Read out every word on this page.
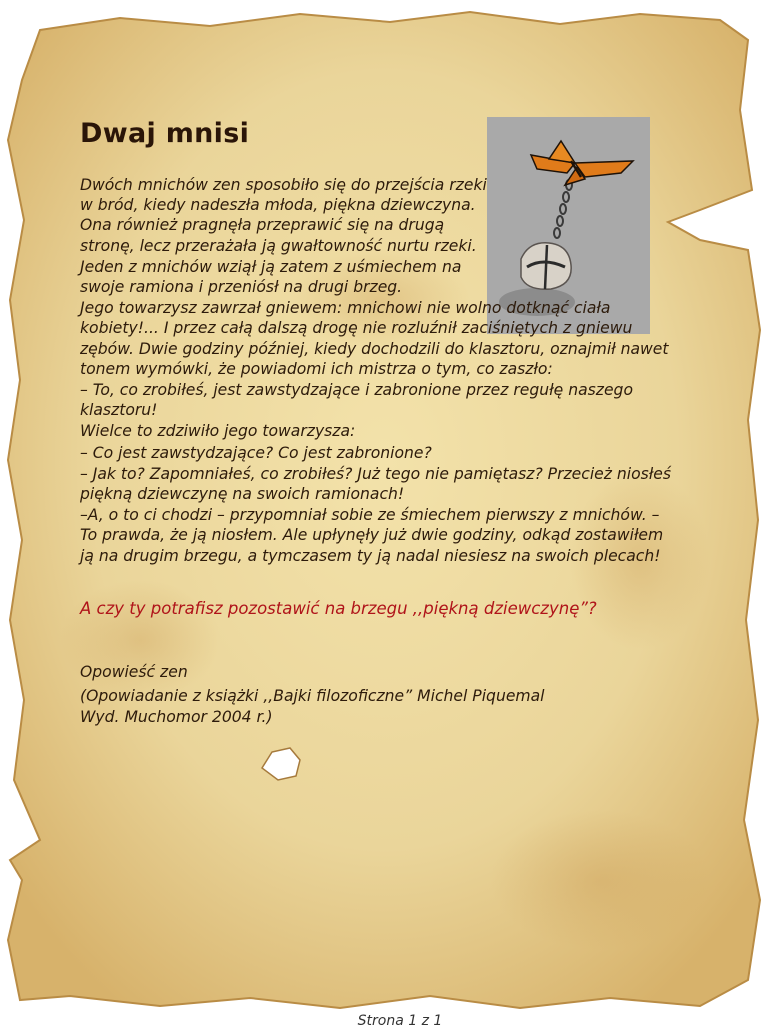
Dwaj mnisi

Dwóch mnichów zen sposobiło się do przejścia rzeki w bród, kiedy nadeszła młoda, piękna dziewczyna. Ona również pragnęła przeprawić się na drugą stronę, lecz przerażała ją gwałtowność nurtu rzeki.

Jeden z mnichów wziął ją zatem z uśmiechem na swoje ramiona i przeniósł na drugi brzeg.

Jego towarzysz zawrzał gniewem: mnichowi nie wolno dotknąć ciała kobiety!... I przez całą dalszą drogę nie rozluźnił zaciśniętych z gniewu zębów. Dwie godziny później, kiedy dochodzili do klasztoru, oznajmił nawet tonem wymówki, że powiadomi ich mistrza o tym, co zaszło:

– To, co zrobiłeś, jest zawstydzające i zabronione przez regułę naszego klasztoru!

Wielce to zdziwiło jego towarzysza:

– Co jest zawstydzające? Co jest zabronione?

– Jak to? Zapomniałeś, co zrobiłeś? Już tego nie pamiętasz? Przecież niosłeś piękną dziewczynę na swoich ramionach!

–A, o to ci chodzi – przypomniał sobie ze śmiechem pierwszy z mnichów. – To prawda, że ją niosłem. Ale upłynęły już dwie godziny, odkąd zostawiłem ją na drugim brzegu, a tymczasem ty ją nadal niesiesz na swoich plecach!

A czy ty potrafisz pozostawić na brzegu ,,piękną dziewczynę”?

Opowieść zen

(Opowiadanie z książki ,,Bajki filozoficzne” Michel Piquemal

Wyd. Muchomor 2004 r.)

Strona 1 z 1
